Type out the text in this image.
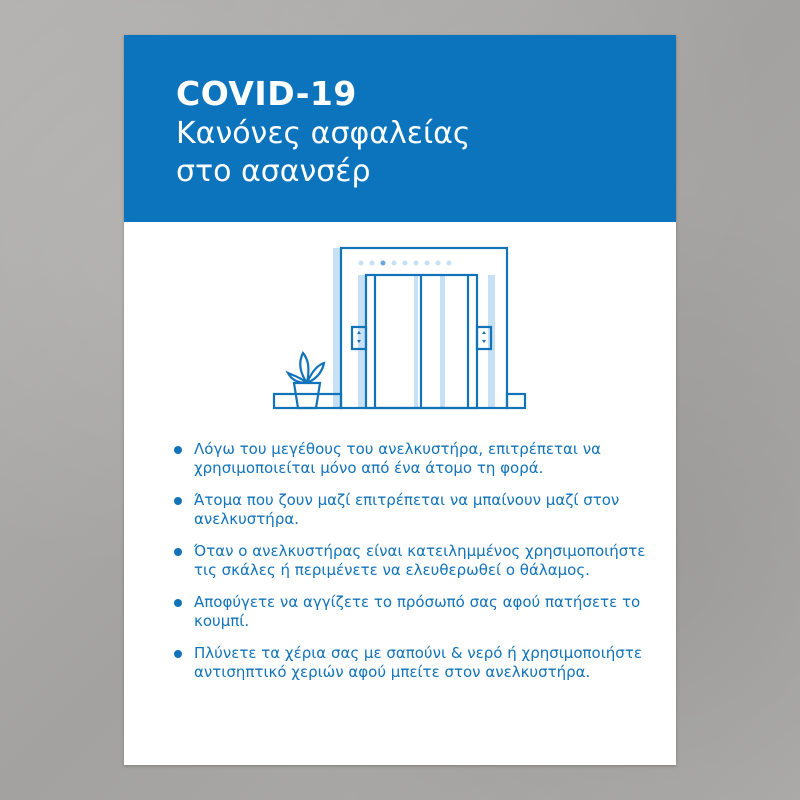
COVID-19
Κανόνες ασφαλείας
στο ασανσέρ
Λόγω του μεγέθους του ανελκυστήρα, επιτρέπεται να χρησιμοποιείται μόνο από ένα άτομο τη φορά.
Άτομα που ζουν μαζί επιτρέπεται να μπαίνουν μαζί στον ανελκυστήρα.
Όταν ο ανελκυστήρας είναι κατειλημμένος χρησιμοποιήστε τις σκάλες ή περιμένετε να ελευθερωθεί ο θάλαμος.
Αποφύγετε να αγγίζετε το πρόσωπό σας αφού πατήσετε το κουμπί.
Πλύνετε τα χέρια σας με σαπούνι & νερό ή χρησιμοποιήστε αντισηπτικό χεριών αφού μπείτε στον ανελκυστήρα.
